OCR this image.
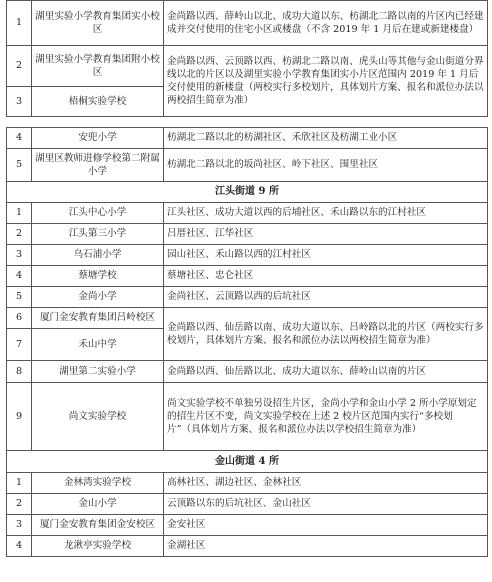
1	湖里实验小学教育集团实小校区	金尚路以西、薛岭山以北、成功大道以东、枋湖北二路以南的片区内已经建成并交付使用的住宅小区或楼盘（不含 2019 年 1 月后在建或新建楼盘）
2	湖里实验小学教育集团附小校区	金尚路以西、云顶路以西、枋湖北二路以南、虎头山等其他与金山街道分界线以北的片区以及湖里实验小学教育集团实小片区范围内 2019 年 1 月后交付使用的新楼盘（两校实行多校划片，具体划片方案、报名和派位办法以两校招生简章为准）
3	梧桐实验学校	
4	安兜小学	枋湖北二路以北的枋湖社区、禾欣社区及枋湖工业小区
5	湖里区教师进修学校第二附属小学	枋湖北二路以北的坂尚社区、岭下社区、围里社区
江头街道 9 所		
1	江头中心小学	江头社区、成功大道以西的后埔社区、禾山路以东的江村社区
2	江头第三小学	吕厝社区、江华社区
3	乌石浦小学	园山社区、禾山路以西的江村社区
4	蔡塘学校	蔡塘社区、忠仑社区
5	金尚小学	金尚社区、云顶路以西的后坑社区
6	厦门金安教育集团吕岭校区	金尚路以西、仙岳路以南、成功大道以东、吕岭路以北的片区（两校实行多校划片，具体划片方案、报名和派位办法以两校招生简章为准）
7	禾山中学	
8	湖里第二实验小学	金尚路以西、仙岳路以北、成功大道以东、薛岭山以南的片区
9	尚文实验学校	尚文实验学校不单独另设招生片区，金尚小学和金山小学 2 所小学原划定的招生片区不变，尚文实验学校在上述 2 校片区范围内实行“多校划片”（具体划片方案、报名和派位办法以学校招生简章为准）
金山街道 4 所		
1	金林湾实验学校	高林社区、湖边社区、金林社区
2	金山小学	云顶路以东的后坑社区、金山社区
3	厦门金安教育集团金安校区	金安社区
4	龙湫亭实验学校	金湖社区
